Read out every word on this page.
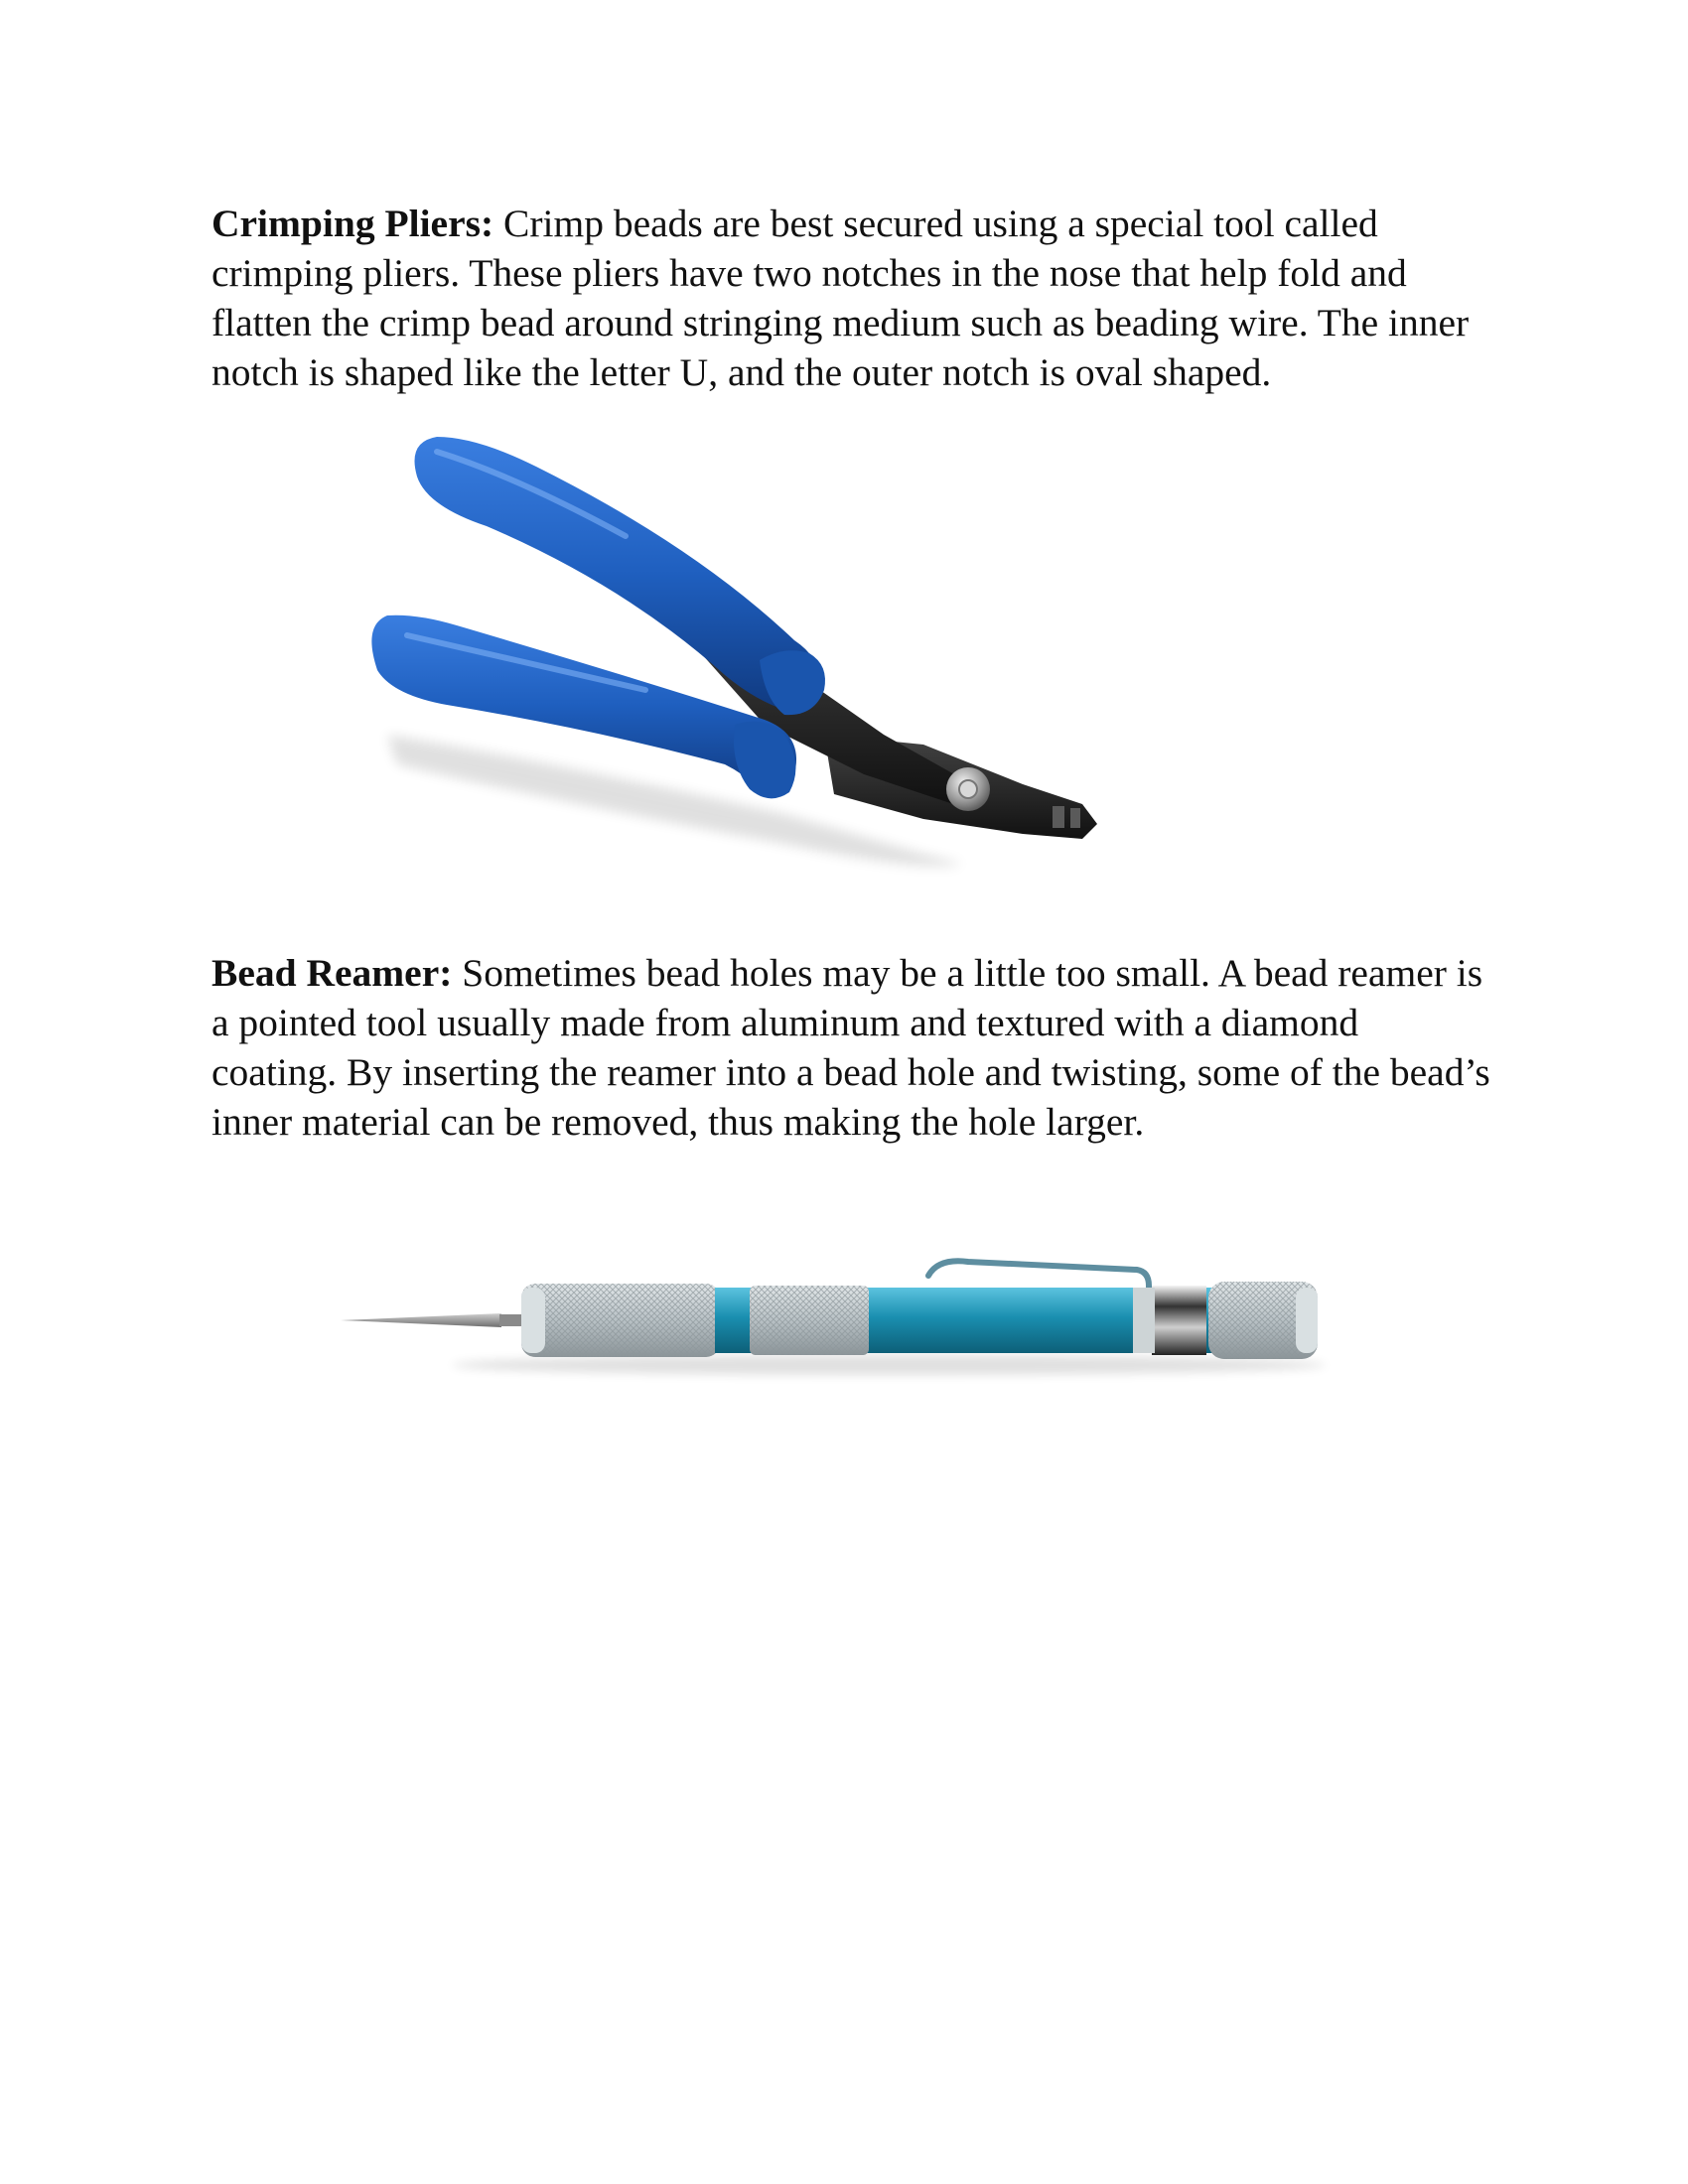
Crimping Pliers: Crimp beads are best secured using a special tool called crimping pliers. These pliers have two notches in the nose that help fold and flatten the crimp bead around stringing medium such as beading wire. The inner notch is shaped like the letter U, and the outer notch is oval shaped.

Bead Reamer: Sometimes bead holes may be a little too small. A bead reamer is a pointed tool usually made from aluminum and textured with a diamond coating. By inserting the reamer into a bead hole and twisting, some of the bead’s inner material can be removed, thus making the hole larger.
